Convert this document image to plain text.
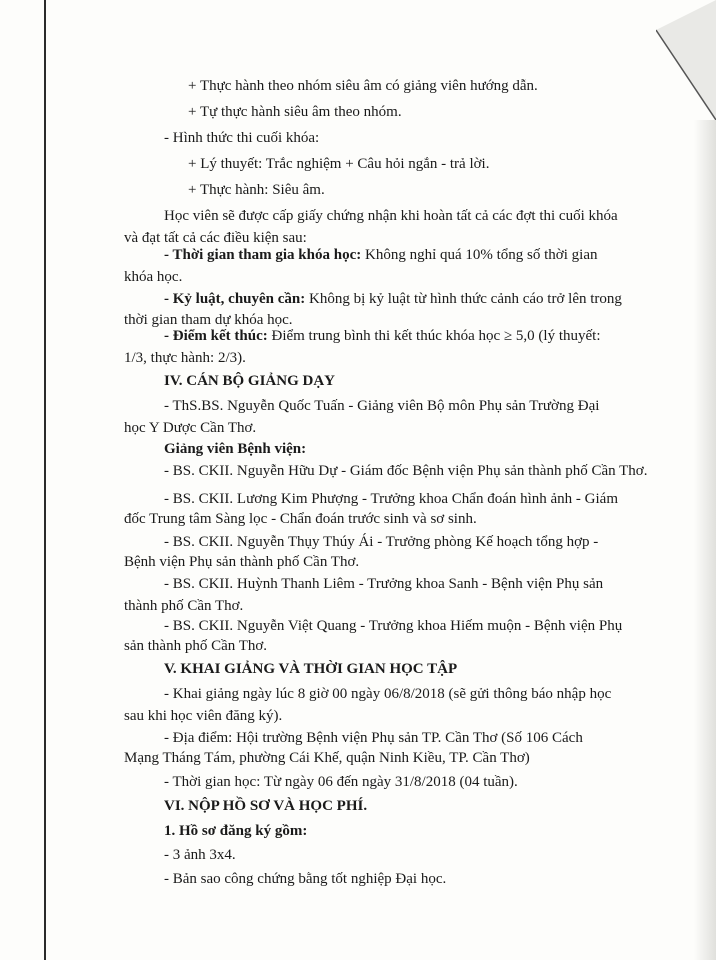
+ Thực hành theo nhóm siêu âm có giảng viên hướng dẫn.
+ Tự thực hành siêu âm theo nhóm.
- Hình thức thi cuối khóa:
+ Lý thuyết: Trắc nghiệm + Câu hỏi ngắn - trả lời.
+ Thực hành: Siêu âm.
Học viên sẽ được cấp giấy chứng nhận khi hoàn tất cả các đợt thi cuối khóa
và đạt tất cả các điều kiện sau:
- Thời gian tham gia khóa học: Không nghỉ quá 10% tổng số thời gian
khóa học.
- Kỷ luật, chuyên cần: Không bị kỷ luật từ hình thức cảnh cáo trở lên trong
thời gian tham dự khóa học.
- Điểm kết thúc: Điểm trung bình thi kết thúc khóa học ≥ 5,0 (lý thuyết:
1/3, thực hành: 2/3).
IV. CÁN BỘ GIẢNG DẠY
- ThS.BS. Nguyễn Quốc Tuấn - Giảng viên Bộ môn Phụ sản Trường Đại
học Y Dược Cần Thơ.
Giảng viên Bệnh viện:
- BS. CKII. Nguyễn Hữu Dự - Giám đốc Bệnh viện Phụ sản thành phố Cần Thơ.
- BS. CKII. Lương Kim Phượng - Trưởng khoa Chẩn đoán hình ảnh - Giám
đốc Trung tâm Sàng lọc - Chẩn đoán trước sinh và sơ sinh.
- BS. CKII. Nguyễn Thụy Thúy Ái - Trưởng phòng Kế hoạch tổng hợp -
Bệnh viện Phụ sản thành phố Cần Thơ.
- BS. CKII. Huỳnh Thanh Liêm - Trưởng khoa Sanh - Bệnh viện Phụ sản
thành phố Cần Thơ.
- BS. CKII. Nguyễn Việt Quang - Trưởng khoa Hiếm muộn - Bệnh viện Phụ
sản thành phố Cần Thơ.
V. KHAI GIẢNG VÀ THỜI GIAN HỌC TẬP
- Khai giảng ngày lúc 8 giờ 00 ngày 06/8/2018 (sẽ gửi thông báo nhập học
sau khi học viên đăng ký).
- Địa điểm: Hội trường Bệnh viện Phụ sản TP. Cần Thơ (Số 106 Cách
Mạng Tháng Tám, phường Cái Khế, quận Ninh Kiều, TP. Cần Thơ)
- Thời gian học: Từ ngày 06 đến ngày 31/8/2018 (04 tuần).
VI. NỘP HỒ SƠ VÀ HỌC PHÍ.
1. Hồ sơ đăng ký gồm:
- 3 ảnh 3x4.
- Bản sao công chứng bằng tốt nghiệp Đại học.
